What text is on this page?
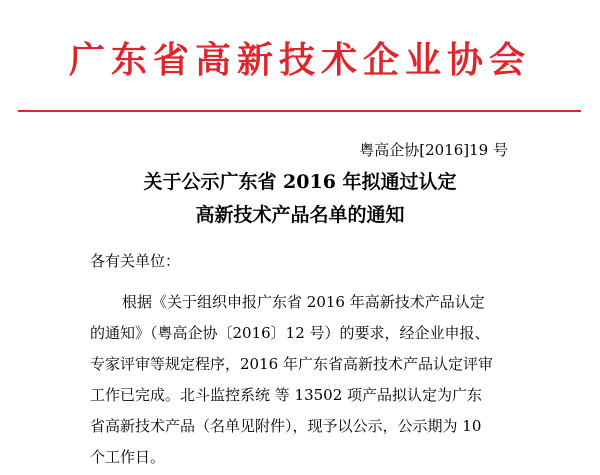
广东省高新技术企业协会
粤高企协[2016]19 号
关于公示广东省 2016 年拟通过认定
高新技术产品名单的通知
各有关单位：
根据《关于组织申报广东省 2016 年高新技术产品认定
的通知》（粤高企协〔2016〕12 号）的要求，经企业申报、
专家评审等规定程序，2016 年广东省高新技术产品认定评审
工作已完成。北斗监控系统 等 13502 项产品拟认定为广东
省高新技术产品（名单见附件），现予以公示，公示期为 10
个工作日。
